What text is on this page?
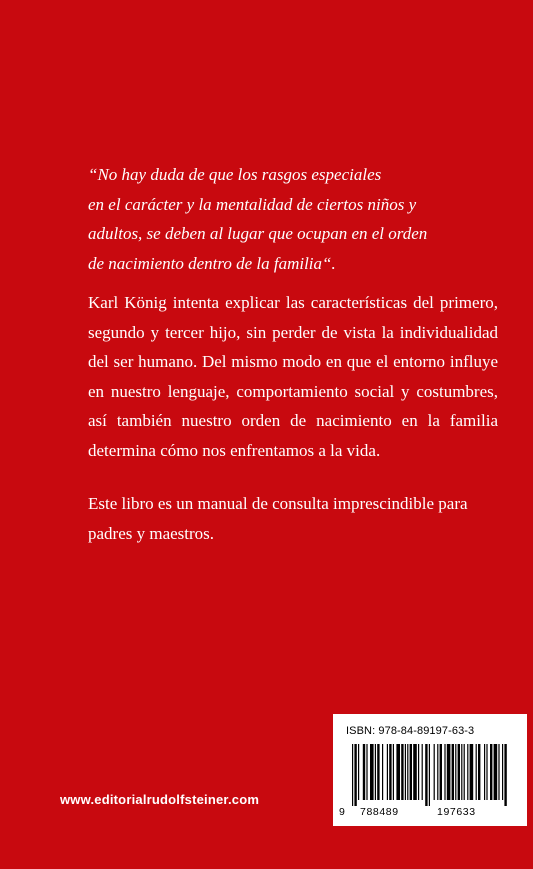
“No hay duda de que los rasgos especiales
en el carácter y la mentalidad de ciertos niños y
adultos, se deben al lugar que ocupan en el orden
de nacimiento dentro de la familia“.

Karl König intenta explicar las características del primero, segundo y tercer hijo, sin perder de vista la individualidad del ser humano. Del mismo modo en que el entorno influye en nuestro lenguaje, comportamiento social y costumbres, así también nuestro orden de nacimiento en la familia determina cómo nos enfrentamos a la vida.

Este libro es un manual de consulta imprescindible para padres y maestros.

www.editorialrudolfsteiner.com
ISBN: 978-84-89197-63-3
9 788489	197633
